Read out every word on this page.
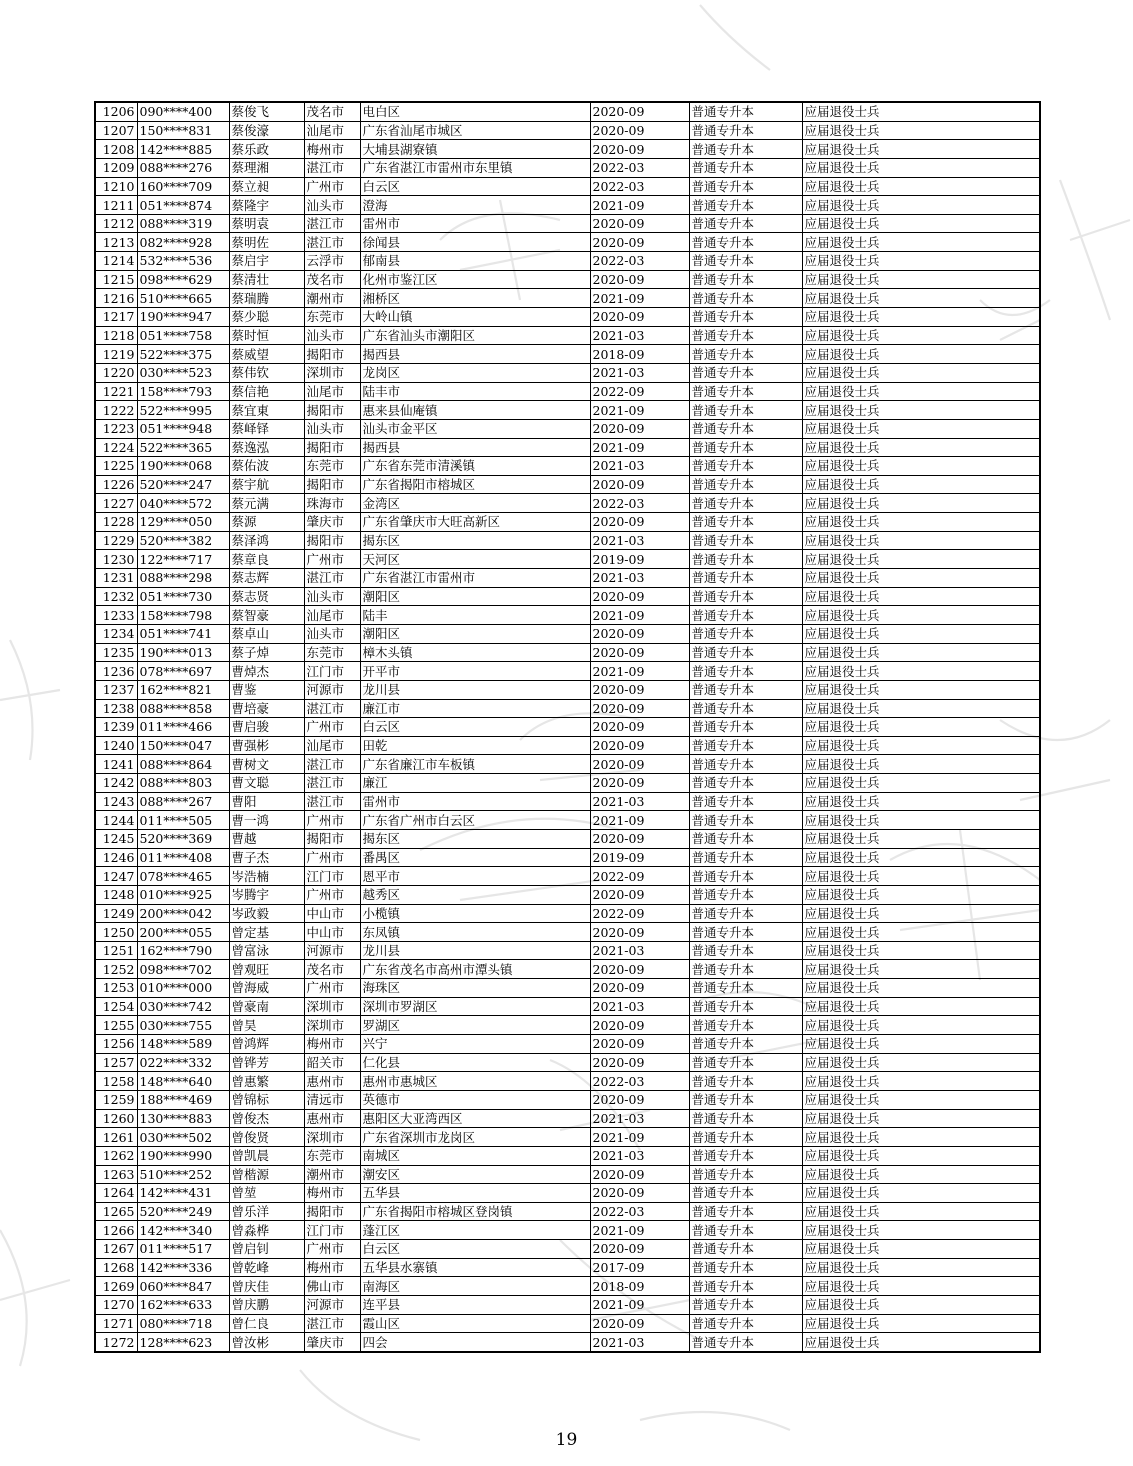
1206	090****400	蔡俊飞	茂名市	电白区	2020-09	普通专升本	应届退役士兵
1207	150****831	蔡俊濠	汕尾市	广东省汕尾市城区	2020-09	普通专升本	应届退役士兵
1208	142****885	蔡乐政	梅州市	大埔县湖寮镇	2020-09	普通专升本	应届退役士兵
1209	088****276	蔡理湘	湛江市	广东省湛江市雷州市东里镇	2022-03	普通专升本	应届退役士兵
1210	160****709	蔡立昶	广州市	白云区	2022-03	普通专升本	应届退役士兵
1211	051****874	蔡隆宇	汕头市	澄海	2021-09	普通专升本	应届退役士兵
1212	088****319	蔡明袁	湛江市	雷州市	2020-09	普通专升本	应届退役士兵
1213	082****928	蔡明佐	湛江市	徐闻县	2020-09	普通专升本	应届退役士兵
1214	532****536	蔡启宇	云浮市	郁南县	2022-03	普通专升本	应届退役士兵
1215	098****629	蔡清壮	茂名市	化州市鉴江区	2020-09	普通专升本	应届退役士兵
1216	510****665	蔡瑞腾	潮州市	湘桥区	2021-09	普通专升本	应届退役士兵
1217	190****947	蔡少聪	东莞市	大岭山镇	2020-09	普通专升本	应届退役士兵
1218	051****758	蔡时恒	汕头市	广东省汕头市潮阳区	2021-03	普通专升本	应届退役士兵
1219	522****375	蔡威望	揭阳市	揭西县	2018-09	普通专升本	应届退役士兵
1220	030****523	蔡伟钦	深圳市	龙岗区	2021-03	普通专升本	应届退役士兵
1221	158****793	蔡信艳	汕尾市	陆丰市	2022-09	普通专升本	应届退役士兵
1222	522****995	蔡宜東	揭阳市	惠来县仙庵镇	2021-09	普通专升本	应届退役士兵
1223	051****948	蔡峄铎	汕头市	汕头市金平区	2020-09	普通专升本	应届退役士兵
1224	522****365	蔡逸泓	揭阳市	揭西县	2021-09	普通专升本	应届退役士兵
1225	190****068	蔡佑波	东莞市	广东省东莞市清溪镇	2021-03	普通专升本	应届退役士兵
1226	520****247	蔡宇航	揭阳市	广东省揭阳市榕城区	2020-09	普通专升本	应届退役士兵
1227	040****572	蔡元满	珠海市	金湾区	2022-03	普通专升本	应届退役士兵
1228	129****050	蔡源	肇庆市	广东省肇庆市大旺高新区	2020-09	普通专升本	应届退役士兵
1229	520****382	蔡泽鸿	揭阳市	揭东区	2021-03	普通专升本	应届退役士兵
1230	122****717	蔡章良	广州市	天河区	2019-09	普通专升本	应届退役士兵
1231	088****298	蔡志辉	湛江市	广东省湛江市雷州市	2021-03	普通专升本	应届退役士兵
1232	051****730	蔡志贤	汕头市	潮阳区	2020-09	普通专升本	应届退役士兵
1233	158****798	蔡智豪	汕尾市	陆丰	2021-09	普通专升本	应届退役士兵
1234	051****741	蔡卓山	汕头市	潮阳区	2020-09	普通专升本	应届退役士兵
1235	190****013	蔡子焯	东莞市	樟木头镇	2020-09	普通专升本	应届退役士兵
1236	078****697	曹焯杰	江门市	开平市	2021-09	普通专升本	应届退役士兵
1237	162****821	曹鉴	河源市	龙川县	2020-09	普通专升本	应届退役士兵
1238	088****858	曹培豪	湛江市	廉江市	2020-09	普通专升本	应届退役士兵
1239	011****466	曹启骏	广州市	白云区	2020-09	普通专升本	应届退役士兵
1240	150****047	曹强彬	汕尾市	田乾	2020-09	普通专升本	应届退役士兵
1241	088****864	曹树文	湛江市	广东省廉江市车板镇	2020-09	普通专升本	应届退役士兵
1242	088****803	曹文聪	湛江市	廉江	2020-09	普通专升本	应届退役士兵
1243	088****267	曹阳	湛江市	雷州市	2021-03	普通专升本	应届退役士兵
1244	011****505	曹一鸿	广州市	广东省广州市白云区	2021-09	普通专升本	应届退役士兵
1245	520****369	曹越	揭阳市	揭东区	2020-09	普通专升本	应届退役士兵
1246	011****408	曹子杰	广州市	番禺区	2019-09	普通专升本	应届退役士兵
1247	078****465	岑浩楠	江门市	恩平市	2022-09	普通专升本	应届退役士兵
1248	010****925	岑腾宇	广州市	越秀区	2020-09	普通专升本	应届退役士兵
1249	200****042	岑政毅	中山市	小榄镇	2022-09	普通专升本	应届退役士兵
1250	200****055	曾定基	中山市	东凤镇	2020-09	普通专升本	应届退役士兵
1251	162****790	曾富泳	河源市	龙川县	2021-03	普通专升本	应届退役士兵
1252	098****702	曾观旺	茂名市	广东省茂名市高州市潭头镇	2020-09	普通专升本	应届退役士兵
1253	010****000	曾海威	广州市	海珠区	2020-09	普通专升本	应届退役士兵
1254	030****742	曾豪南	深圳市	深圳市罗湖区	2021-03	普通专升本	应届退役士兵
1255	030****755	曾昊	深圳市	罗湖区	2020-09	普通专升本	应届退役士兵
1256	148****589	曾鸿辉	梅州市	兴宁	2020-09	普通专升本	应届退役士兵
1257	022****332	曾铧芳	韶关市	仁化县	2020-09	普通专升本	应届退役士兵
1258	148****640	曾惠繁	惠州市	惠州市惠城区	2022-03	普通专升本	应届退役士兵
1259	188****469	曾锦标	清远市	英德市	2020-09	普通专升本	应届退役士兵
1260	130****883	曾俊杰	惠州市	惠阳区大亚湾西区	2021-03	普通专升本	应届退役士兵
1261	030****502	曾俊贤	深圳市	广东省深圳市龙岗区	2021-09	普通专升本	应届退役士兵
1262	190****990	曾凯晨	东莞市	南城区	2021-03	普通专升本	应届退役士兵
1263	510****252	曾楷源	潮州市	潮安区	2020-09	普通专升本	应届退役士兵
1264	142****431	曾堃	梅州市	五华县	2020-09	普通专升本	应届退役士兵
1265	520****249	曾乐洋	揭阳市	广东省揭阳市榕城区登岗镇	2022-03	普通专升本	应届退役士兵
1266	142****340	曾淼桦	江门市	蓬江区	2021-09	普通专升本	应届退役士兵
1267	011****517	曾启钊	广州市	白云区	2020-09	普通专升本	应届退役士兵
1268	142****336	曾乾峰	梅州市	五华县水寨镇	2017-09	普通专升本	应届退役士兵
1269	060****847	曾庆佳	佛山市	南海区	2018-09	普通专升本	应届退役士兵
1270	162****633	曾庆鹏	河源市	连平县	2021-09	普通专升本	应届退役士兵
1271	080****718	曾仁良	湛江市	霞山区	2020-09	普通专升本	应届退役士兵
1272	128****623	曾汝彬	肇庆市	四会	2021-03	普通专升本	应届退役士兵
19
